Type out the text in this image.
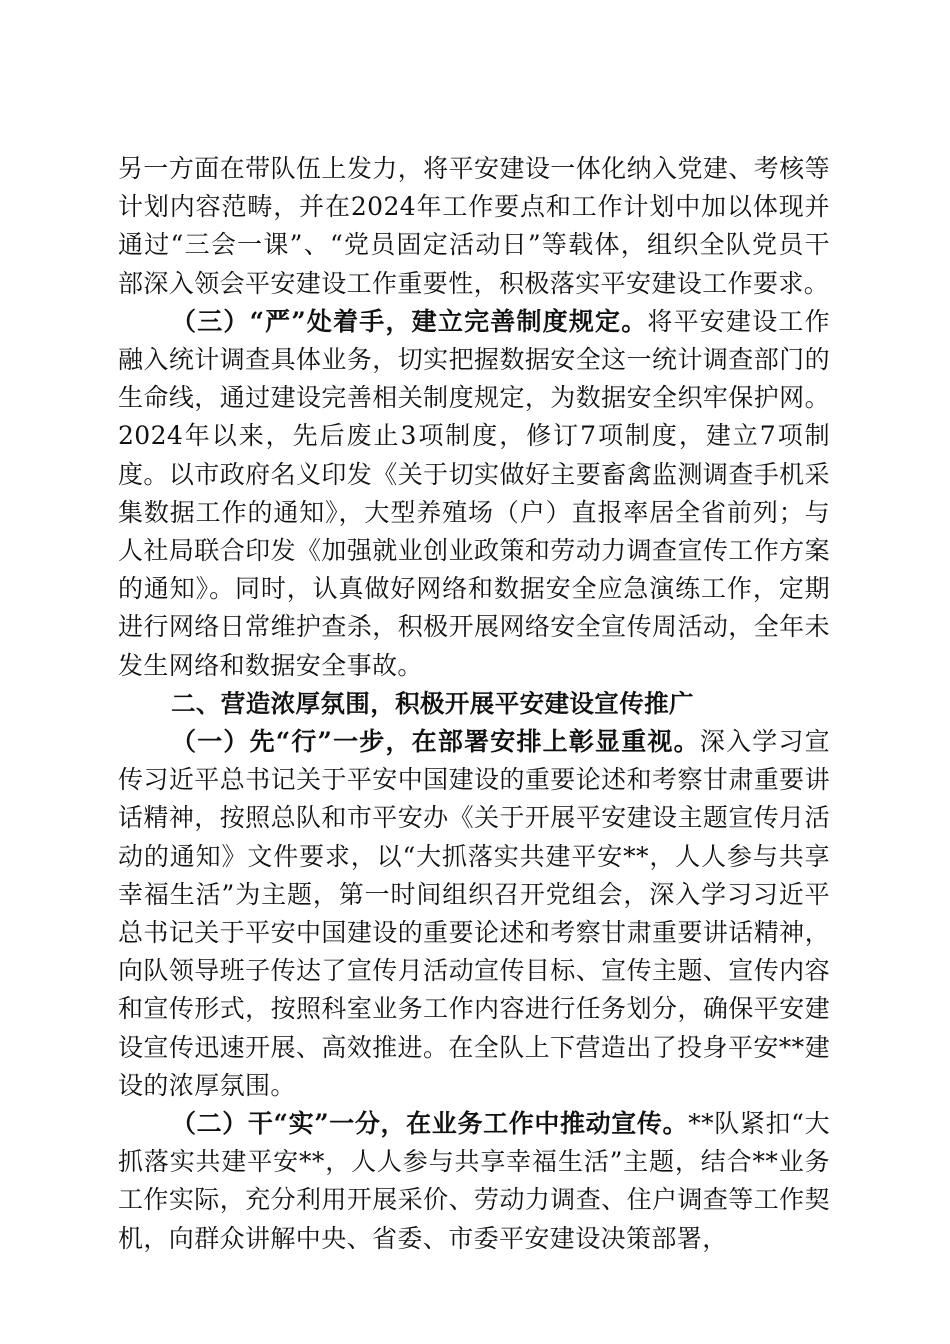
另一方面在带队伍上发力，将平安建设一体化纳入党建、考核等计划内容范畴，并在2024年工作要点和工作计划中加以体现并通过“三会一课”、“党员固定活动日”等载体，组织全队党员干部深入领会平安建设工作重要性，积极落实平安建设工作要求。

（三）“严”处着手，建立完善制度规定。将平安建设工作融入统计调查具体业务，切实把握数据安全这一统计调查部门的生命线，通过建设完善相关制度规定，为数据安全织牢保护网。2024年以来，先后废止3项制度，修订7项制度，建立7项制度。以市政府名义印发《关于切实做好主要畜禽监测调查手机采集数据工作的通知》，大型养殖场（户）直报率居全省前列；与人社局联合印发《加强就业创业政策和劳动力调查宣传工作方案的通知》。同时，认真做好网络和数据安全应急演练工作，定期进行网络日常维护查杀，积极开展网络安全宣传周活动，全年未发生网络和数据安全事故。

二、营造浓厚氛围，积极开展平安建设宣传推广

（一）先“行”一步，在部署安排上彰显重视。深入学习宣传习近平总书记关于平安中国建设的重要论述和考察甘肃重要讲话精神，按照总队和市平安办《关于开展平安建设主题宣传月活动的通知》文件要求，以“大抓落实共建平安**，人人参与共享幸福生活”为主题，第一时间组织召开党组会，深入学习习近平总书记关于平安中国建设的重要论述和考察甘肃重要讲话精神，向队领导班子传达了宣传月活动宣传目标、宣传主题、宣传内容和宣传形式，按照科室业务工作内容进行任务划分，确保平安建设宣传迅速开展、高效推进。在全队上下营造出了投身平安**建设的浓厚氛围。

（二）干“实”一分，在业务工作中推动宣传。**队紧扣“大抓落实共建平安**，人人参与共享幸福生活”主题，结合**业务工作实际，充分利用开展采价、劳动力调查、住户调查等工作契机，向群众讲解中央、省委、市委平安建设决策部署，
